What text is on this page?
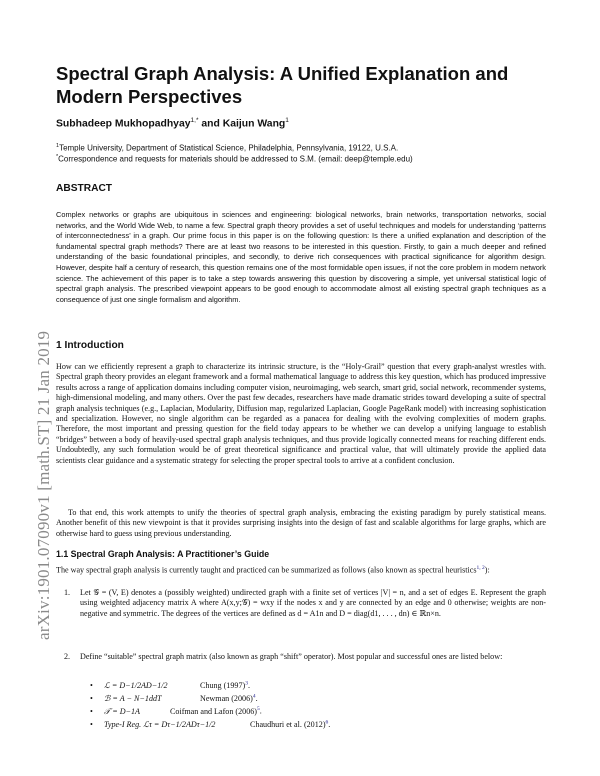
arXiv:1901.07090v1 [math.ST] 21 Jan 2019
Spectral Graph Analysis: A Unified Explanation and Modern Perspectives
Subhadeep Mukhopadhyay$^{1,*}$ and Kaijun Wang$^1$
$^1$Temple University, Department of Statistical Science, Philadelphia, Pennsylvania, 19122, U.S.A.
*Correspondence and requests for materials should be addressed to S.M. (email: deep@temple.edu)
ABSTRACT

Complex networks or graphs are ubiquitous in sciences and engineering: biological networks, brain networks, transportation networks, social networks, and the World Wide Web, to name a few. Spectral graph theory provides a set of useful techniques and models for understanding ‘patterns of interconnectedness’ in a graph. Our prime focus in this paper is on the following question: Is there a unified explanation and description of the fundamental spectral graph methods? There are at least two reasons to be interested in this question. Firstly, to gain a much deeper and refined understanding of the basic foundational principles, and secondly, to derive rich consequences with practical significance for algorithm design. However, despite half a century of research, this question remains one of the most formidable open issues, if not the core problem in modern network science. The achievement of this paper is to take a step towards answering this question by discovering a simple, yet universal statistical logic of spectral graph analysis. The prescribed viewpoint appears to be good enough to accommodate almost all existing spectral graph techniques as a consequence of just one single formalism and algorithm.

1 Introduction

How can we efficiently represent a graph to characterize its intrinsic structure, is the “Holy-Grail” question that every graph-analyst wrestles with. Spectral graph theory provides an elegant framework and a formal mathematical language to address this key question, which has produced impressive results across a range of application domains including computer vision, neuroimaging, web search, smart grid, social network, recommender systems, high-dimensional modeling, and many others. Over the past few decades, researchers have made dramatic strides toward developing a suite of spectral graph analysis techniques (e.g., Laplacian, Modularity, Diffusion map, regularized Laplacian, Google PageRank model) with increasing sophistication and specialization. However, no single algorithm can be regarded as a panacea for dealing with the evolving complexities of modern graphs. Therefore, the most important and pressing question for the field today appears to be whether we can develop a unifying language to establish “bridges” between a body of heavily-used spectral graph analysis techniques, and thus provide logically connected means for reaching different ends. Undoubtedly, any such formulation would be of great theoretical significance and practical value, that will ultimately provide the applied data scientists clear guidance and a systematic strategy for selecting the proper spectral tools to arrive at a confident conclusion.

To that end, this work attempts to unify the theories of spectral graph analysis, embracing the existing paradigm by purely statistical means. Another benefit of this new viewpoint is that it provides surprising insights into the design of fast and scalable algorithms for large graphs, which are otherwise hard to guess using previous understanding.

1.1 Spectral Graph Analysis: A Practitioner’s Guide

The way spectral graph analysis is currently taught and practiced can be summarized as follows (also known as spectral heuristics$^{1, 2}$):

1. Let 𝒢 = (V, E) denotes a (possibly weighted) undirected graph with a finite set of vertices |V| = n, and a set of edges E. Represent the graph using weighted adjacency matrix A where A(x,y;𝒢) = wxy if the nodes x and y are connected by an edge and 0 otherwise; weights are non-negative and symmetric. The degrees of the vertices are defined as d = A1n and D = diag(d1, . . . , dn) ∈ ℝn×n.

2. Define “suitable” spectral graph matrix (also known as graph “shift” operator). Most popular and successful ones are listed below:

• ℒ = D−1/2AD−1/2	Chung (1997)$^3$.
• ℬ = A − N−1ddT	Newman (2006)$^4$.
• 𝒯 = D−1A	Coifman and Lafon (2006)$^5$.
• Type-I Reg. ℒτ = Dτ−1/2ADτ−1/2	Chaudhuri et al. (2012)$^6$.
